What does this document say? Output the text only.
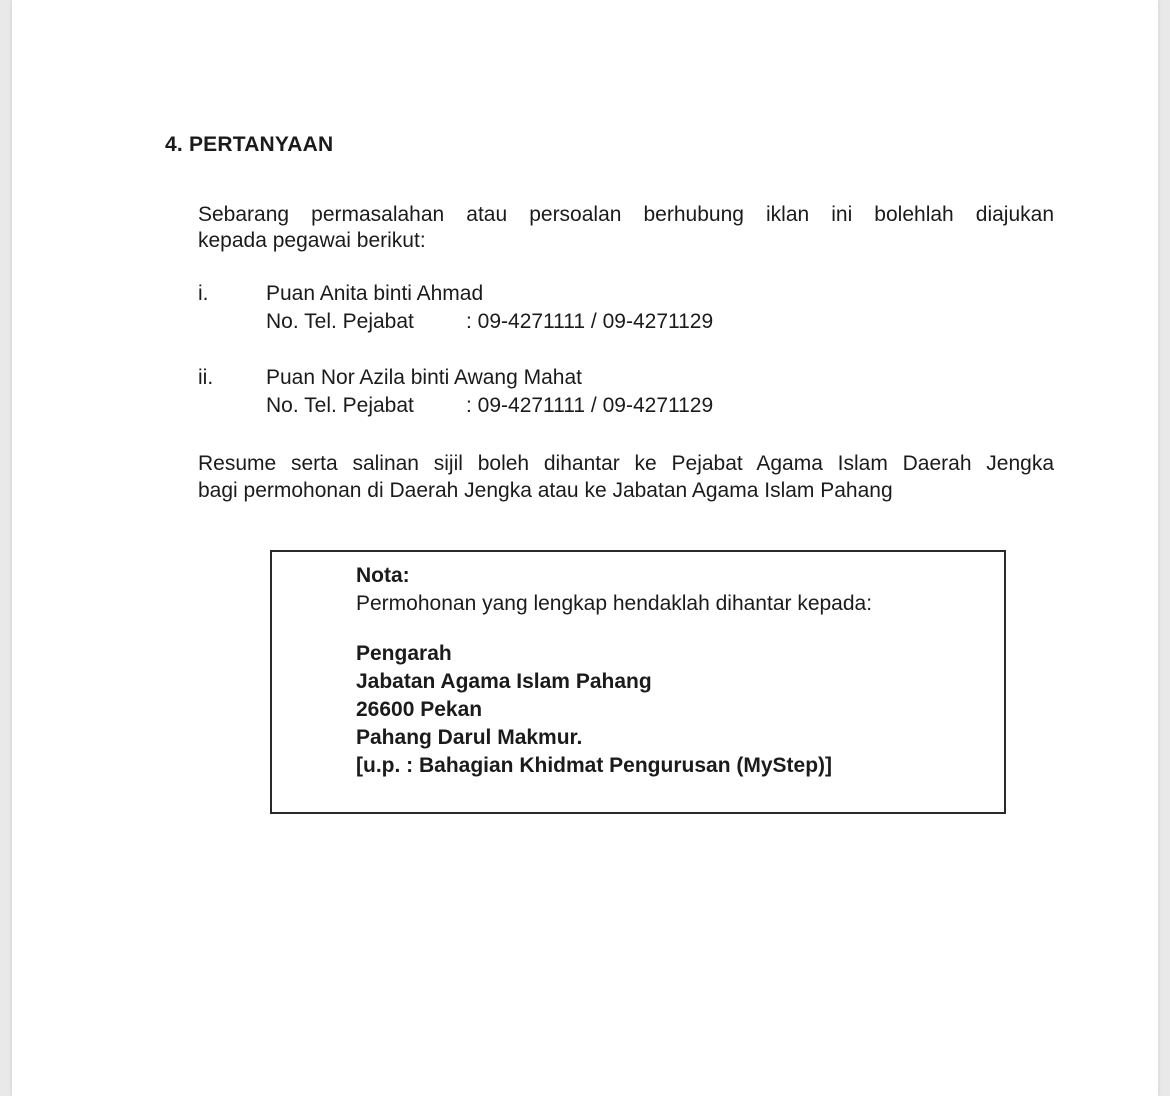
4. PERTANYAAN
Sebarang permasalahan atau persoalan berhubung iklan ini bolehlah diajukan
kepada pegawai berikut:
i.	Puan Anita binti Ahmad
No. Tel. Pejabat : 09-4271111 / 09-4271129
ii.	Puan Nor Azila binti Awang Mahat
No. Tel. Pejabat : 09-4271111 / 09-4271129
Resume serta salinan sijil boleh dihantar ke Pejabat Agama Islam Daerah Jengka
bagi permohonan di Daerah Jengka atau ke Jabatan Agama Islam Pahang
Nota:
Permohonan yang lengkap hendaklah dihantar kepada:
Pengarah
Jabatan Agama Islam Pahang
26600 Pekan
Pahang Darul Makmur.
[u.p. : Bahagian Khidmat Pengurusan (MyStep)]
